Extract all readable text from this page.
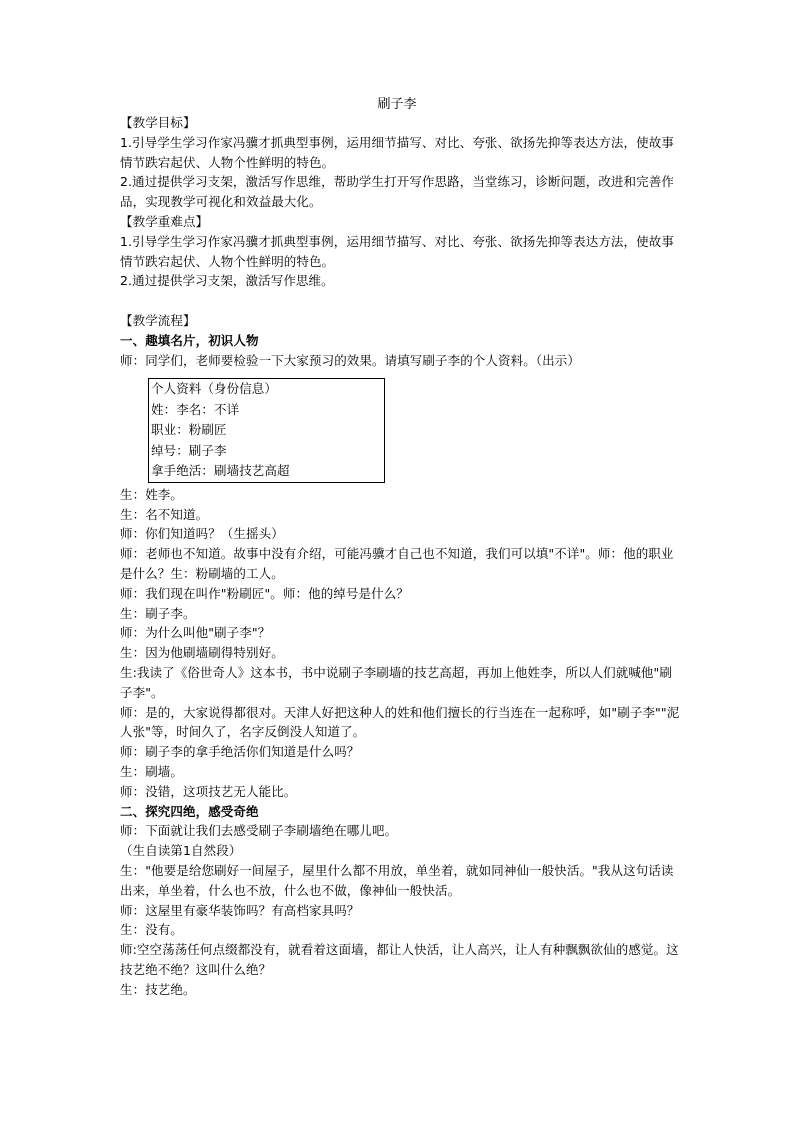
刷子李

【教学目标】

1.引导学生学习作家冯骥才抓典型事例，运用细节描写、对比、夸张、欲扬先抑等表达方法，使故事情节跌宕起伏、人物个性鲜明的特色。

2.通过提供学习支架，激活写作思维，帮助学生打开写作思路，当堂练习，诊断问题，改进和完善作品，实现教学可视化和效益最大化。

【教学重难点】

1.引导学生学习作家冯骥才抓典型事例，运用细节描写、对比、夸张、欲扬先抑等表达方法，使故事情节跌宕起伏、人物个性鲜明的特色。

2.通过提供学习支架，激活写作思维。

【教学流程】

一、趣填名片，初识人物

师：同学们，老师要检验一下大家预习的效果。请填写刷子李的个人资料。（出示）

个人资料（身份信息）

姓：李名：不详

职业：粉刷匠

绰号：刷子李

拿手绝活：刷墙技艺高超

生：姓李。

生：名不知道。

师：你们知道吗？（生摇头）

师：老师也不知道。故事中没有介绍，可能冯骥才自己也不知道，我们可以填"不详"。师：他的职业是什么？生：粉刷墙的工人。

师：我们现在叫作"粉刷匠"。师：他的绰号是什么？

生：刷子李。

师：为什么叫他"刷子李"？

生：因为他刷墙刷得特别好。

生:我读了《俗世奇人》这本书，书中说刷子李刷墙的技艺高超，再加上他姓李，所以人们就喊他"刷子李"。

师：是的，大家说得都很对。天津人好把这种人的姓和他们擅长的行当连在一起称呼，如"刷子李""泥人张"等，时间久了，名字反倒没人知道了。

师：刷子李的拿手绝活你们知道是什么吗？

生：刷墙。

师：没错，这项技艺无人能比。

二、探究四绝，感受奇绝

师：下面就让我们去感受刷子李刷墙绝在哪儿吧。

（生自读第1自然段）

生："他要是给您刷好一间屋子，屋里什么都不用放，单坐着，就如同神仙一般快活。"我从这句话读出来，单坐着，什么也不放，什么也不做，像神仙一般快活。

师：这屋里有豪华装饰吗？有高档家具吗？

生：没有。

师:空空荡荡任何点缀都没有，就看着这面墙，都让人快活，让人高兴，让人有种飘飘欲仙的感觉。这技艺绝不绝？这叫什么绝？

生：技艺绝。
